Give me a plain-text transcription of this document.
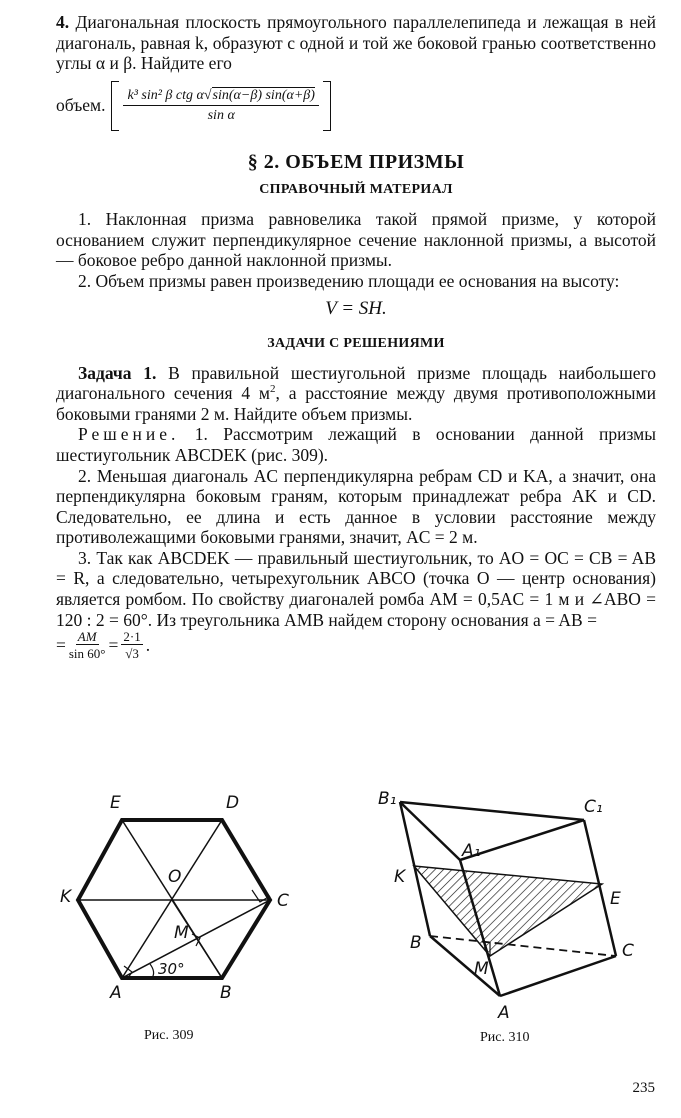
4. Диагональная плоскость прямоугольного параллелепипеда и лежащая в ней диагональ, равная k, образуют с одной и той же боковой гранью соответственно углы α и β. Найдите его

объем. $\frac{\text{k³ sin² β ctg α√sin(α−β) sin(α+β)}}{\text{sin α}}$
§ 2. ОБЪЕМ ПРИЗМЫ
СПРАВОЧНЫЙ МАТЕРИАЛ

1. Наклонная призма равновелика такой прямой призме, у которой основанием служит перпендикулярное сечение наклонной призмы, а высотой — боковое ребро данной наклонной призмы.

2. Объем призмы равен произведению площади ее основания на высоту:

V = SH.
ЗАДАЧИ С РЕШЕНИЯМИ

Задача 1. В правильной шестиугольной призме площадь наибольшего диагонального сечения 4 $м^2$, а расстояние между двумя противоположными боковыми гранями 2 м. Найдите объем призмы.

Решение. 1. Рассмотрим лежащий в основании данной призмы шестиугольник ABCDEK (рис. 309).

2. Меньшая диагональ AC перпендикулярна ребрам CD и KA, а значит, она перпендикулярна боковым граням, которым принадлежат ребра AK и CD. Следовательно, ее длина и есть данное в условии расстояние между противолежащими боковыми гранями, значит, AC = 2 м.

3. Так как ABCDEK — правильный шестиугольник, то AO = OC = CB = AB = R, а следовательно, четырехугольник ABCO (точка O — центр основания) является ромбом. По свойству диагоналей ромба AM = 0,5AC = 1 м и ∠ABO = 120 : 2 = 60°. Из треугольника AMB найдем сторону основания a = AB =

= $\frac{AM}{\sin 60^\circ} = \frac{2\cdot 1}{√3}$ .
E	D
K	C
O
M
A	B
30°
B₁	C₁
A₁
K
E
B	C
M
A
Рис. 309	Рис. 310
235
